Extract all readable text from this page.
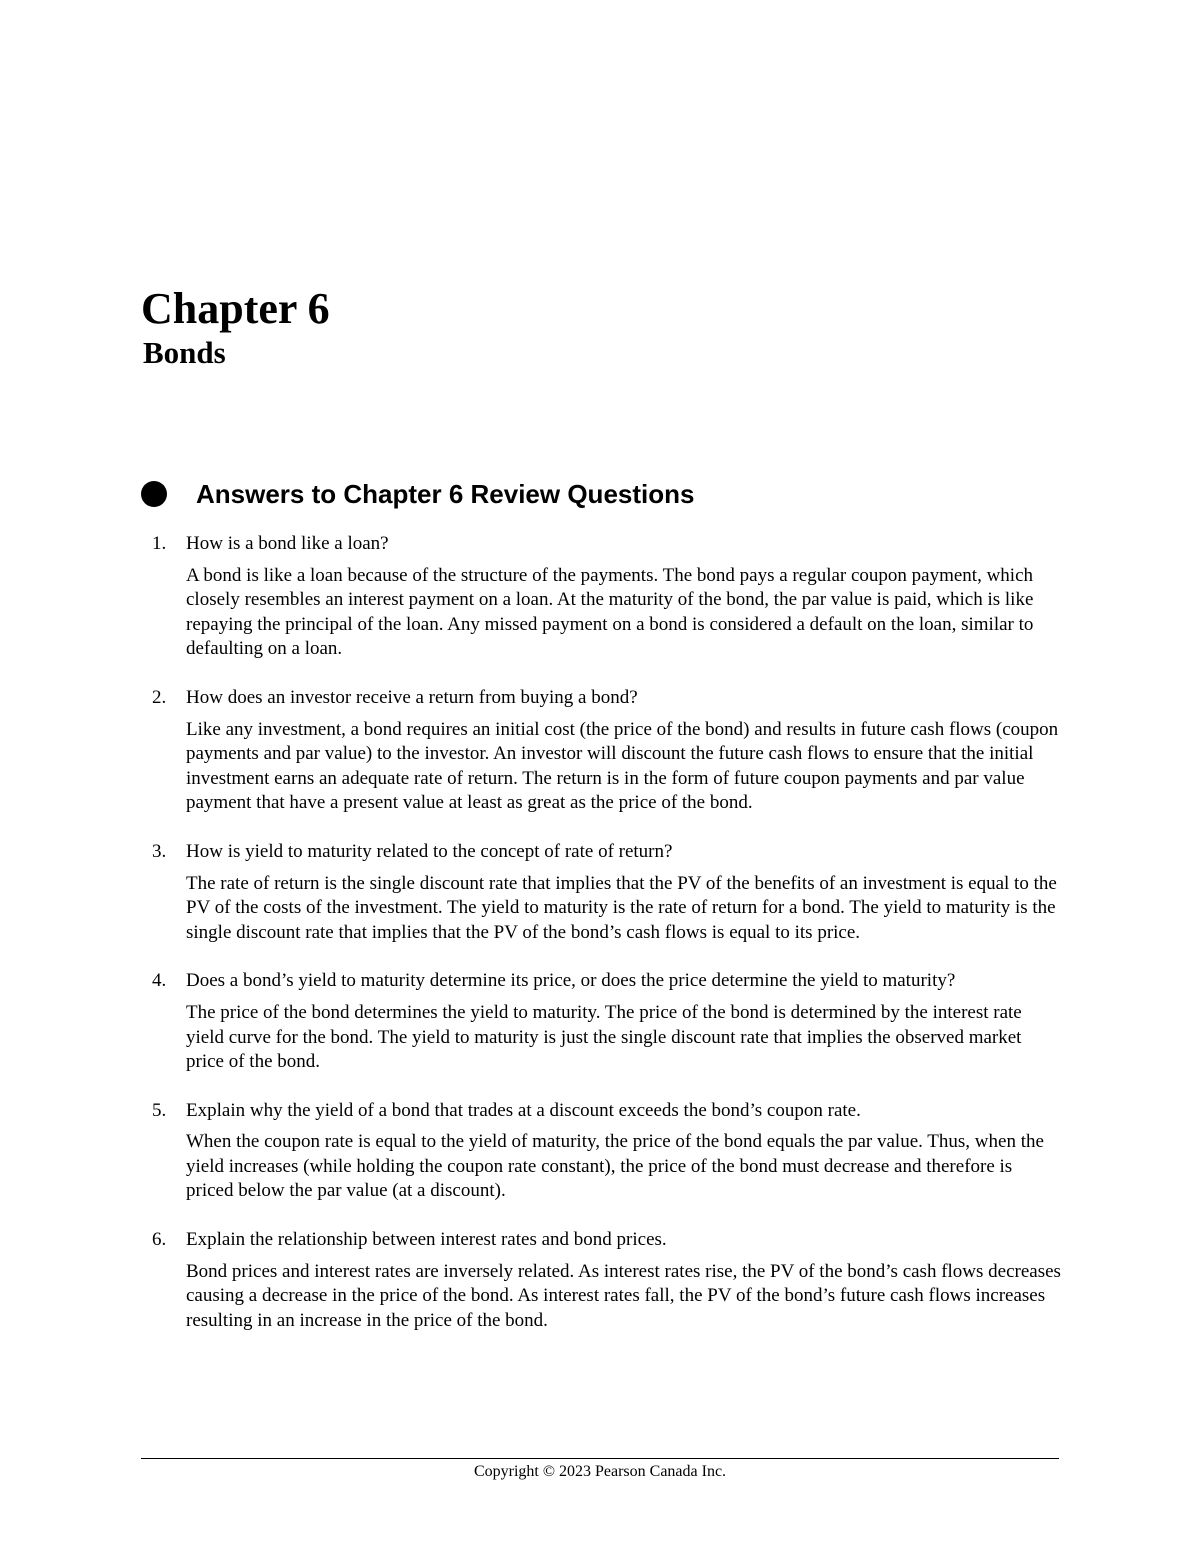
Chapter 6
Bonds
Answers to Chapter 6 Review Questions
1. How is a bond like a loan?

A bond is like a loan because of the structure of the payments. The bond pays a regular coupon payment, which closely resembles an interest payment on a loan. At the maturity of the bond, the par value is paid, which is like repaying the principal of the loan. Any missed payment on a bond is considered a default on the loan, similar to defaulting on a loan.

2. How does an investor receive a return from buying a bond?

Like any investment, a bond requires an initial cost (the price of the bond) and results in future cash flows (coupon payments and par value) to the investor. An investor will discount the future cash flows to ensure that the initial investment earns an adequate rate of return. The return is in the form of future coupon payments and par value payment that have a present value at least as great as the price of the bond.

3. How is yield to maturity related to the concept of rate of return?

The rate of return is the single discount rate that implies that the PV of the benefits of an investment is equal to the PV of the costs of the investment. The yield to maturity is the rate of return for a bond. The yield to maturity is the single discount rate that implies that the PV of the bond’s cash flows is equal to its price.

4. Does a bond’s yield to maturity determine its price, or does the price determine the yield to maturity?

The price of the bond determines the yield to maturity. The price of the bond is determined by the interest rate yield curve for the bond. The yield to maturity is just the single discount rate that implies the observed market price of the bond.

5. Explain why the yield of a bond that trades at a discount exceeds the bond’s coupon rate.

When the coupon rate is equal to the yield of maturity, the price of the bond equals the par value. Thus, when the yield increases (while holding the coupon rate constant), the price of the bond must decrease and therefore is priced below the par value (at a discount).

6. Explain the relationship between interest rates and bond prices.

Bond prices and interest rates are inversely related. As interest rates rise, the PV of the bond’s cash flows decreases causing a decrease in the price of the bond. As interest rates fall, the PV of the bond’s future cash flows increases resulting in an increase in the price of the bond.

Copyright © 2023 Pearson Canada Inc.
